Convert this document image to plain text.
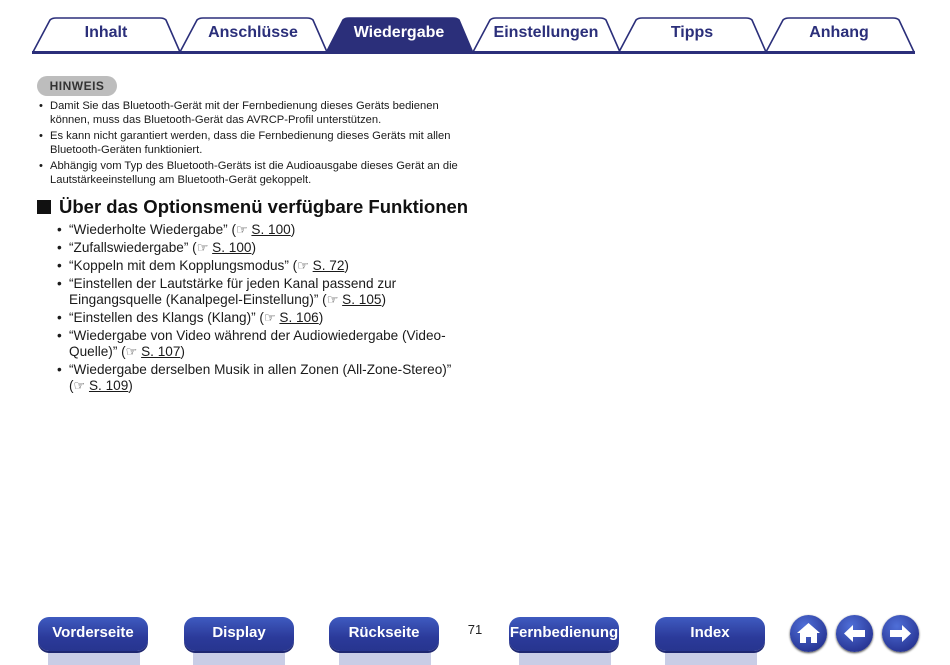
Inhalt	Anschlüsse	Wiedergabe	Einstellungen	Tipps	Anhang
HINWEIS
• Damit Sie das Bluetooth-Gerät mit der Fernbedienung dieses Geräts bedienen können, muss das Bluetooth-Gerät das AVRCP-Profil unterstützen.
• Es kann nicht garantiert werden, dass die Fernbedienung dieses Geräts mit allen Bluetooth-Geräten funktioniert.
• Abhängig vom Typ des Bluetooth-Geräts ist die Audioausgabe dieses Gerät an die Lautstärkeeinstellung am Bluetooth-Gerät gekoppelt.
Über das Optionsmenü verfügbare Funktionen
• “Wiederholte Wiedergabe” (☞ S. 100)
• “Zufallswiedergabe” (☞ S. 100)
• “Koppeln mit dem Kopplungsmodus” (☞ S. 72)
• “Einstellen der Lautstärke für jeden Kanal passend zur Eingangsquelle (Kanalpegel-Einstellung)” (☞ S. 105)
• “Einstellen des Klangs (Klang)” (☞ S. 106)
• “Wiedergabe von Video während der Audiowiedergabe (Video-Quelle)” (☞ S. 107)
• “Wiedergabe derselben Musik in allen Zonen (All-Zone-Stereo)” (☞ S. 109)
Vorderseite	Display	Rückseite	71	Fernbedienung	Index
